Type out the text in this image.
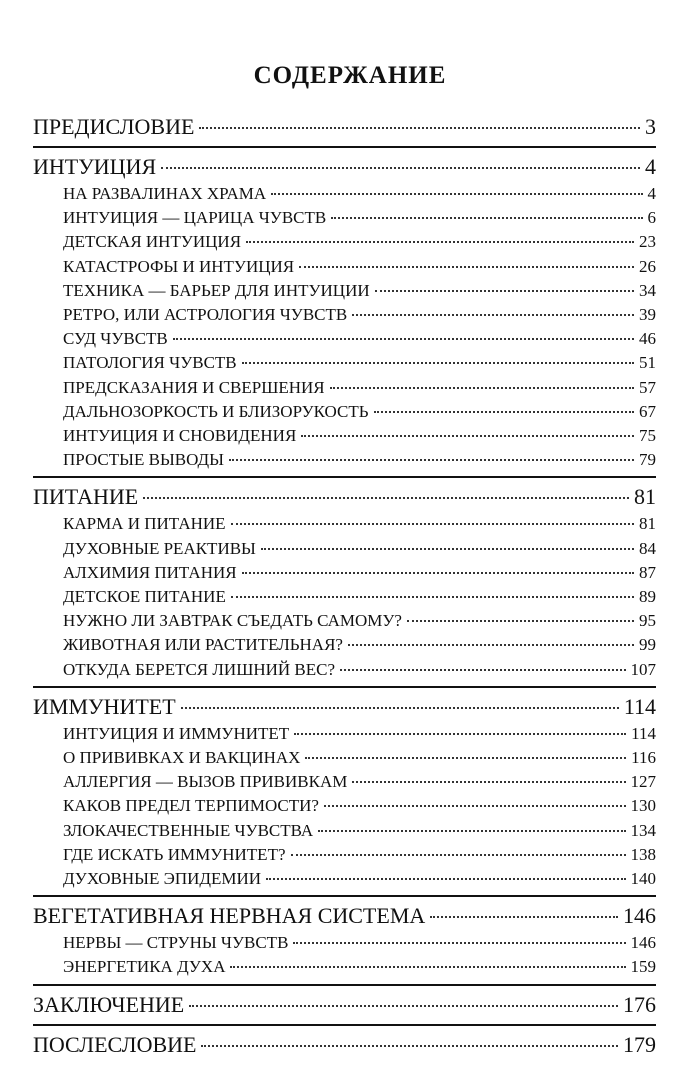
СОДЕРЖАНИЕ
ПРЕДИСЛОВИЕ	3
ИНТУИЦИЯ	4
НА РАЗВАЛИНАХ ХРАМА	4
ИНТУИЦИЯ — ЦАРИЦА ЧУВСТВ	6
ДЕТСКАЯ ИНТУИЦИЯ	23
КАТАСТРОФЫ И ИНТУИЦИЯ	26
ТЕХНИКА — БАРЬЕР ДЛЯ ИНТУИЦИИ	34
РЕТРО, ИЛИ АСТРОЛОГИЯ ЧУВСТВ	39
СУД ЧУВСТВ	46
ПАТОЛОГИЯ ЧУВСТВ	51
ПРЕДСКАЗАНИЯ И СВЕРШЕНИЯ	57
ДАЛЬНОЗОРКОСТЬ И БЛИЗОРУКОСТЬ	67
ИНТУИЦИЯ И СНОВИДЕНИЯ	75
ПРОСТЫЕ ВЫВОДЫ	79
ПИТАНИЕ	81
КАРМА И ПИТАНИЕ	81
ДУХОВНЫЕ РЕАКТИВЫ	84
АЛХИМИЯ ПИТАНИЯ	87
ДЕТСКОЕ ПИТАНИЕ	89
НУЖНО ЛИ ЗАВТРАК СЪЕДАТЬ САМОМУ?	95
ЖИВОТНАЯ ИЛИ РАСТИТЕЛЬНАЯ?	99
ОТКУДА БЕРЕТСЯ ЛИШНИЙ ВЕС?	107
ИММУНИТЕТ	114
ИНТУИЦИЯ И ИММУНИТЕТ	114
О ПРИВИВКАХ И ВАКЦИНАХ	116
АЛЛЕРГИЯ — ВЫЗОВ ПРИВИВКАМ	127
КАКОВ ПРЕДЕЛ ТЕРПИМОСТИ?	130
ЗЛОКАЧЕСТВЕННЫЕ ЧУВСТВА	134
ГДЕ ИСКАТЬ ИММУНИТЕТ?	138
ДУХОВНЫЕ ЭПИДЕМИИ	140
ВЕГЕТАТИВНАЯ НЕРВНАЯ СИСТЕМА	146
НЕРВЫ — СТРУНЫ ЧУВСТВ	146
ЭНЕРГЕТИКА ДУХА	159
ЗАКЛЮЧЕНИЕ	176
ПОСЛЕСЛОВИЕ	179
